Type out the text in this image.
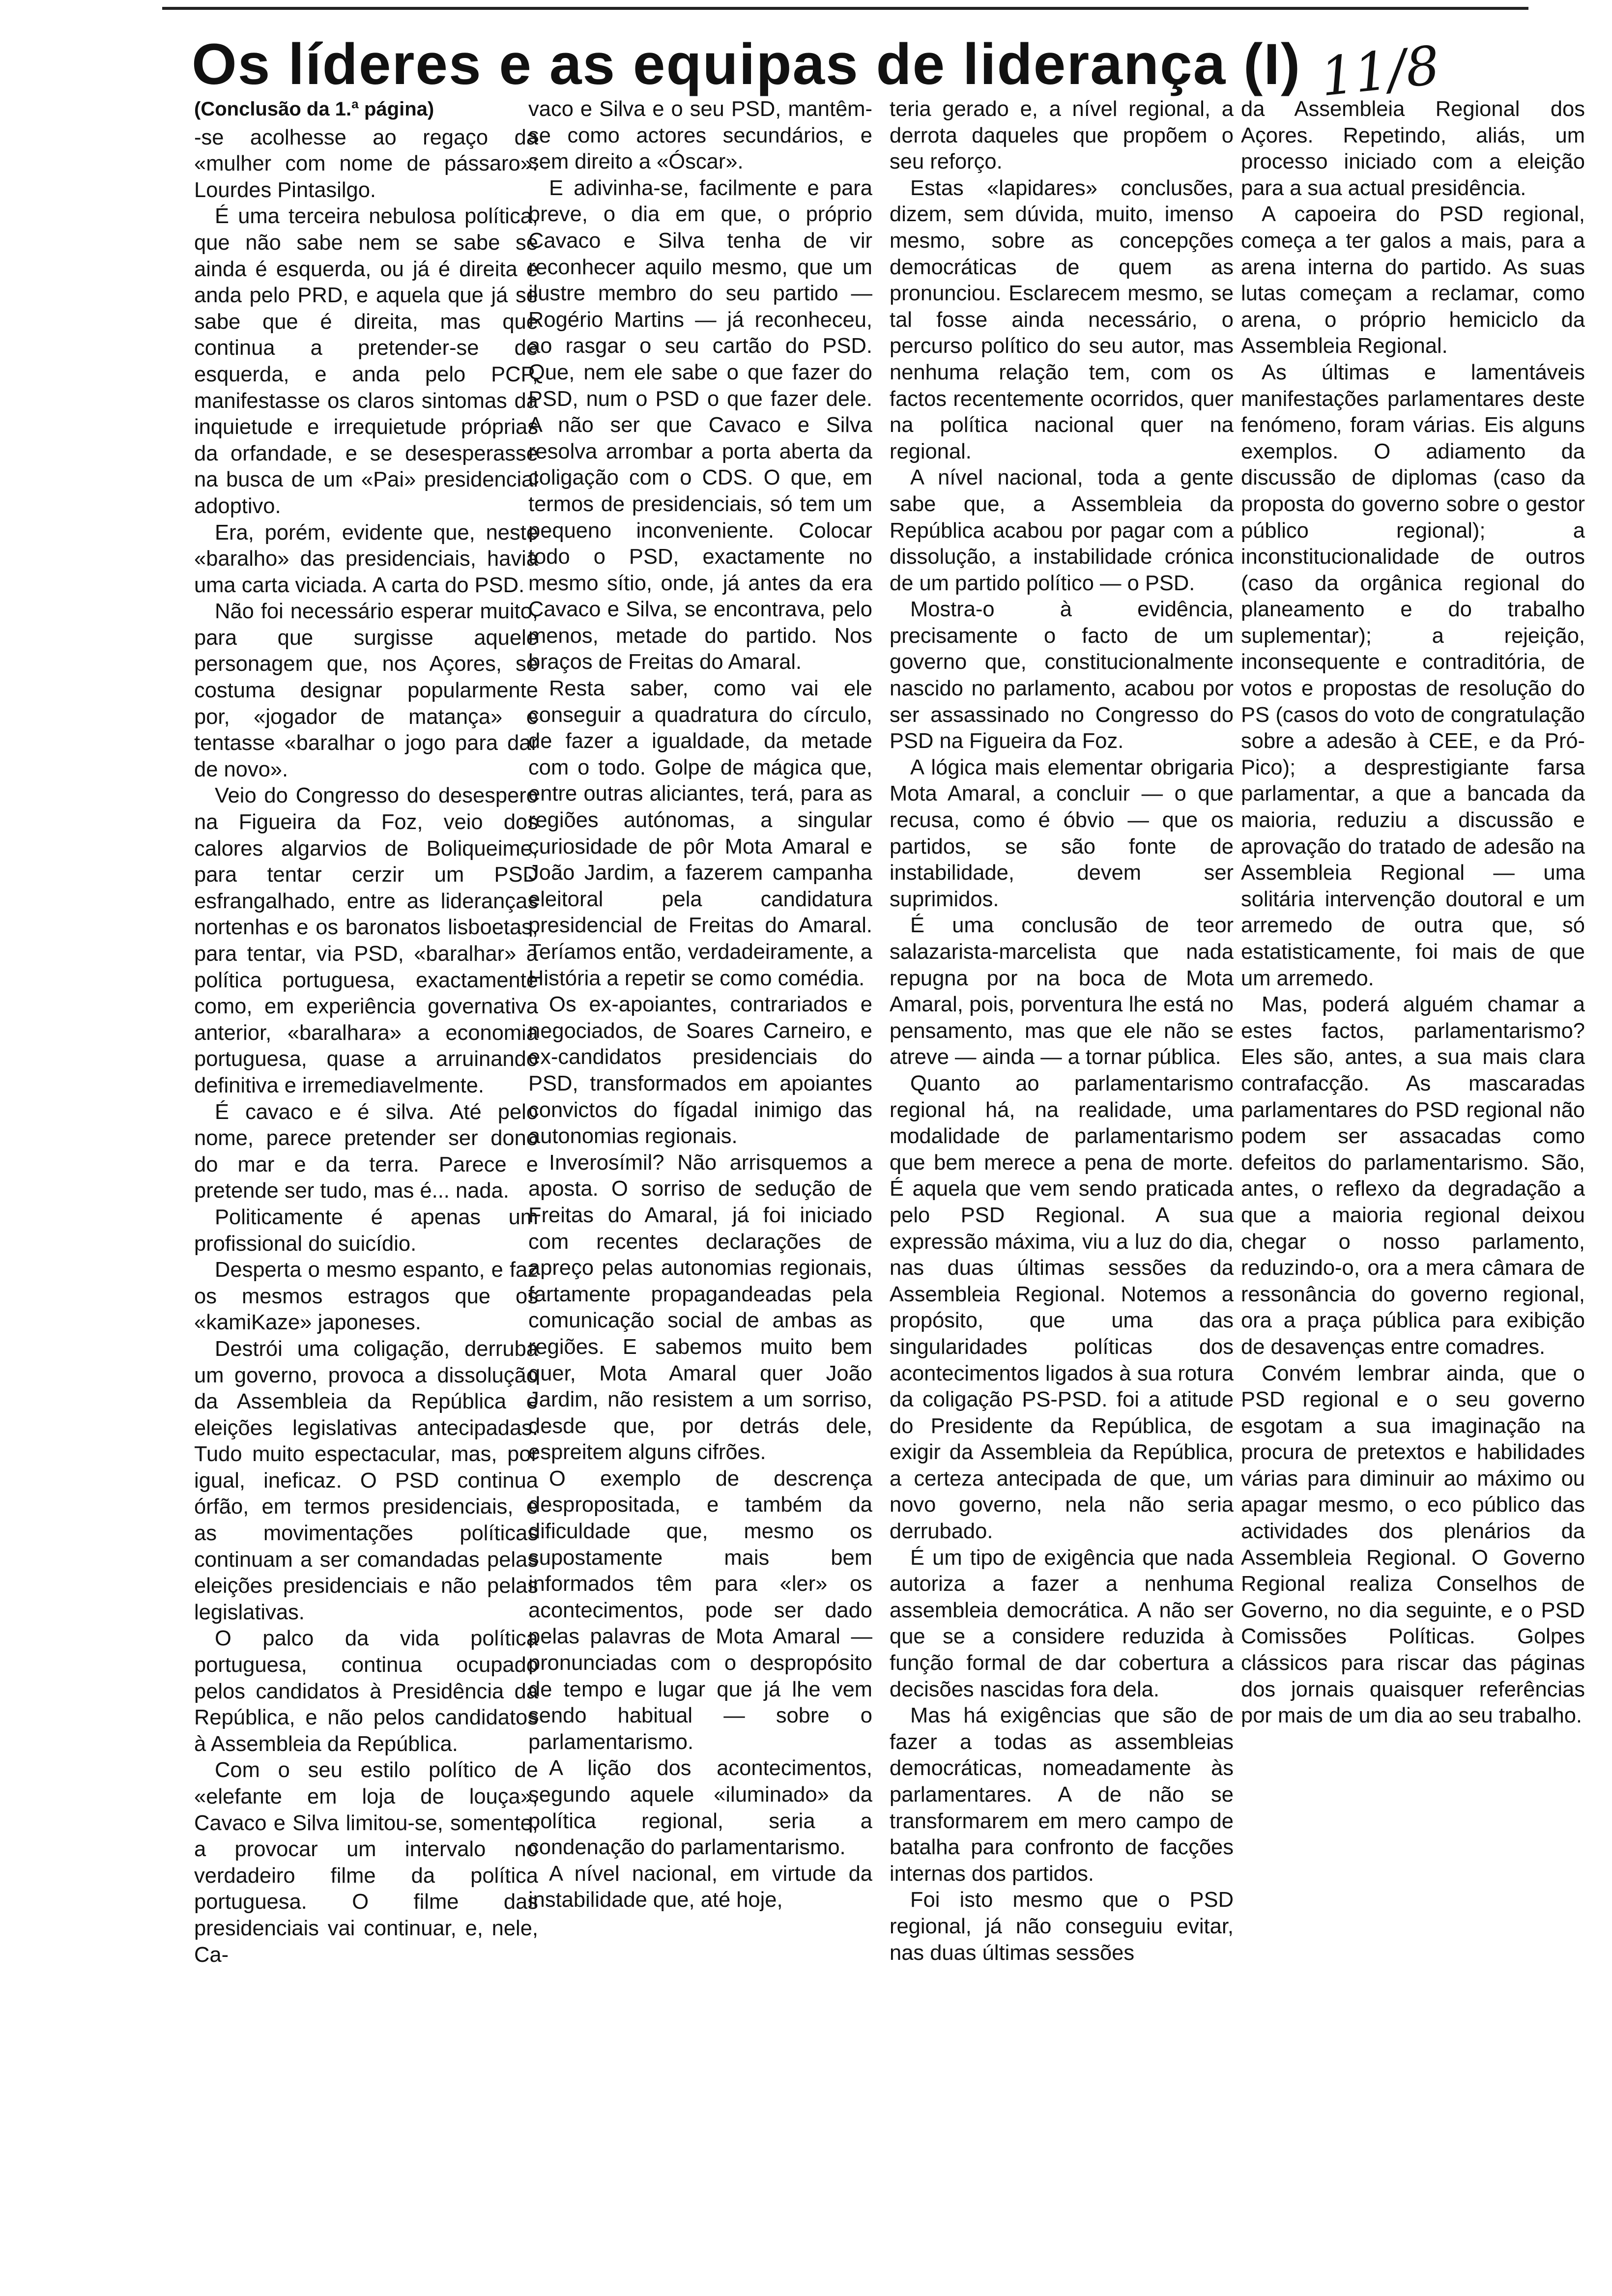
Os líderes e as equipas de liderança (I) 11/8
(Conclusão da 1.ª página)

-se acolhesse ao regaço da «mulher com nome de pássaro»: Lourdes Pintasilgo.

É uma terceira nebulosa política, que não sabe nem se sabe se ainda é esquerda, ou já é direita e anda pelo PRD, e aquela que já se sabe que é direita, mas que continua a pretender-se de esquerda, e anda pelo PCP, manifestasse os claros sintomas da inquietude e irrequietude próprias da orfandade, e se desesperasse na busca de um «Pai» presidencial adoptivo.

Era, porém, evidente que, neste «baralho» das presidenciais, havia uma carta viciada. A carta do PSD.

Não foi necessário esperar muito, para que surgisse aquele personagem que, nos Açores, se costuma designar popularmente por, «jogador de matança» e tentasse «baralhar o jogo para dar de novo».

Veio do Congresso do desespero na Figueira da Foz, veio dos calores algarvios de Boliqueime, para tentar cerzir um PSD esfrangalhado, entre as lideranças nortenhas e os baronatos lisboetas, para tentar, via PSD, «baralhar» a política portuguesa, exactamente como, em experiência governativa anterior, «baralhara» a economia portuguesa, quase a arruinando definitiva e irremediavelmente.

É cavaco e é silva. Até pelo nome, parece pretender ser dono do mar e da terra. Parece e pretende ser tudo, mas é... nada.

Politicamente é apenas um profissional do suicídio.

Desperta o mesmo espanto, e faz os mesmos estragos que os «kamiKaze» japoneses.

Destrói uma coligação, derruba um governo, provoca a dissolução da Assembleia da República e eleições legislativas antecipadas. Tudo muito espectacular, mas, por igual, ineficaz. O PSD continua órfão, em termos presidenciais, e as movimentações políticas continuam a ser comandadas pelas eleições presidenciais e não pelas legislativas.

O palco da vida política portuguesa, continua ocupado pelos candidatos à Presidência da República, e não pelos candidatos à Assembleia da República.

Com o seu estilo político de «elefante em loja de louça», Cavaco e Silva limitou-se, somente, a provocar um intervalo no verdadeiro filme da política portuguesa. O filme das presidenciais vai continuar, e, nele, Ca-

vaco e Silva e o seu PSD, mantêm-se como actores secundários, e sem direito a «Óscar».

E adivinha-se, facilmente e para breve, o dia em que, o próprio Cavaco e Silva tenha de vir reconhecer aquilo mesmo, que um ilustre membro do seu partido — Rogério Martins — já reconheceu, ao rasgar o seu cartão do PSD. Que, nem ele sabe o que fazer do PSD, num o PSD o que fazer dele. A não ser que Cavaco e Silva resolva arrombar a porta aberta da coligação com o CDS. O que, em termos de presidenciais, só tem um pequeno inconveniente. Colocar todo o PSD, exactamente no mesmo sítio, onde, já antes da era Cavaco e Silva, se encontrava, pelo menos, metade do partido. Nos braços de Freitas do Amaral.

Resta saber, como vai ele conseguir a quadratura do círculo, de fazer a igualdade, da metade com o todo. Golpe de mágica que, entre outras aliciantes, terá, para as regiões autónomas, a singular curiosidade de pôr Mota Amaral e João Jardim, a fazerem campanha eleitoral pela candidatura presidencial de Freitas do Amaral. Teríamos então, verdadeiramente, a História a repetir se como comédia.

Os ex-apoiantes, contrariados e negociados, de Soares Carneiro, e ex-candidatos presidenciais do PSD, transformados em apoiantes convictos do fígadal inimigo das autonomias regionais.

Inverosímil? Não arrisquemos a aposta. O sorriso de sedução de Freitas do Amaral, já foi iniciado com recentes declarações de apreço pelas autonomias regionais, fartamente propagandeadas pela comunicação social de ambas as regiões. E sabemos muito bem quer, Mota Amaral quer João Jardim, não resistem a um sorriso, desde que, por detrás dele, espreitem alguns cifrões.

O exemplo de descrença despropositada, e também da dificuldade que, mesmo os supostamente mais bem informados têm para «ler» os acontecimentos, pode ser dado pelas palavras de Mota Amaral — pronunciadas com o despropósito de tempo e lugar que já lhe vem sendo habitual — sobre o parlamentarismo.

A lição dos acontecimentos, segundo aquele «iluminado» da política regional, seria a condenação do parlamentarismo.

A nível nacional, em virtude da instabilidade que, até hoje,

teria gerado e, a nível regional, a derrota daqueles que propõem o seu reforço.

Estas «lapidares» conclusões, dizem, sem dúvida, muito, imenso mesmo, sobre as concepções democráticas de quem as pronunciou. Esclarecem mesmo, se tal fosse ainda necessário, o percurso político do seu autor, mas nenhuma relação tem, com os factos recentemente ocorridos, quer na política nacional quer na regional.

A nível nacional, toda a gente sabe que, a Assembleia da República acabou por pagar com a dissolução, a instabilidade crónica de um partido político — o PSD.

Mostra-o à evidência, precisamente o facto de um governo que, constitucionalmente nascido no parlamento, acabou por ser assassinado no Congresso do PSD na Figueira da Foz.

A lógica mais elementar obrigaria Mota Amaral, a concluir — o que recusa, como é óbvio — que os partidos, se são fonte de instabilidade, devem ser suprimidos.

É uma conclusão de teor salazarista-marcelista que nada repugna por na boca de Mota Amaral, pois, porventura lhe está no pensamento, mas que ele não se atreve — ainda — a tornar pública.

Quanto ao parlamentarismo regional há, na realidade, uma modalidade de parlamentarismo que bem merece a pena de morte. É aquela que vem sendo praticada pelo PSD Regional. A sua expressão máxima, viu a luz do dia, nas duas últimas sessões da Assembleia Regional. Notemos a propósito, que uma das singularidades políticas dos acontecimentos ligados à sua rotura da coligação PS-PSD. foi a atitude do Presidente da República, de exigir da Assembleia da República, a certeza antecipada de que, um novo governo, nela não seria derrubado.

É um tipo de exigência que nada autoriza a fazer a nenhuma assembleia democrática. A não ser que se a considere reduzida à função formal de dar cobertura a decisões nascidas fora dela.

Mas há exigências que são de fazer a todas as assembleias democráticas, nomeadamente às parlamentares. A de não se transformarem em mero campo de batalha para confronto de facções internas dos partidos.

Foi isto mesmo que o PSD regional, já não conseguiu evitar, nas duas últimas sessões

da Assembleia Regional dos Açores. Repetindo, aliás, um processo iniciado com a eleição para a sua actual presidência.

A capoeira do PSD regional, começa a ter galos a mais, para a arena interna do partido. As suas lutas começam a reclamar, como arena, o próprio hemiciclo da Assembleia Regional.

As últimas e lamentáveis manifestações parlamentares deste fenómeno, foram várias. Eis alguns exemplos. O adiamento da discussão de diplomas (caso da proposta do governo sobre o gestor público regional); a inconstitucionalidade de outros (caso da orgânica regional do planeamento e do trabalho suplementar); a rejeição, inconsequente e contraditória, de votos e propostas de resolução do PS (casos do voto de congratulação sobre a adesão à CEE, e da Pró-Pico); a desprestigiante farsa parlamentar, a que a bancada da maioria, reduziu a discussão e aprovação do tratado de adesão na Assembleia Regional — uma solitária intervenção doutoral e um arremedo de outra que, só estatisticamente, foi mais de que um arremedo.

Mas, poderá alguém chamar a estes factos, parlamentarismo? Eles são, antes, a sua mais clara contrafacção. As mascaradas parlamentares do PSD regional não podem ser assacadas como defeitos do parlamentarismo. São, antes, o reflexo da degradação a que a maioria regional deixou chegar o nosso parlamento, reduzindo-o, ora a mera câmara de ressonância do governo regional, ora a praça pública para exibição de desavenças entre comadres.

Convém lembrar ainda, que o PSD regional e o seu governo esgotam a sua imaginação na procura de pretextos e habilidades várias para diminuir ao máximo ou apagar mesmo, o eco público das actividades dos plenários da Assembleia Regional. O Governo Regional realiza Conselhos de Governo, no dia seguinte, e o PSD Comissões Políticas. Golpes clássicos para riscar das páginas dos jornais quaisquer referências por mais de um dia ao seu trabalho.
